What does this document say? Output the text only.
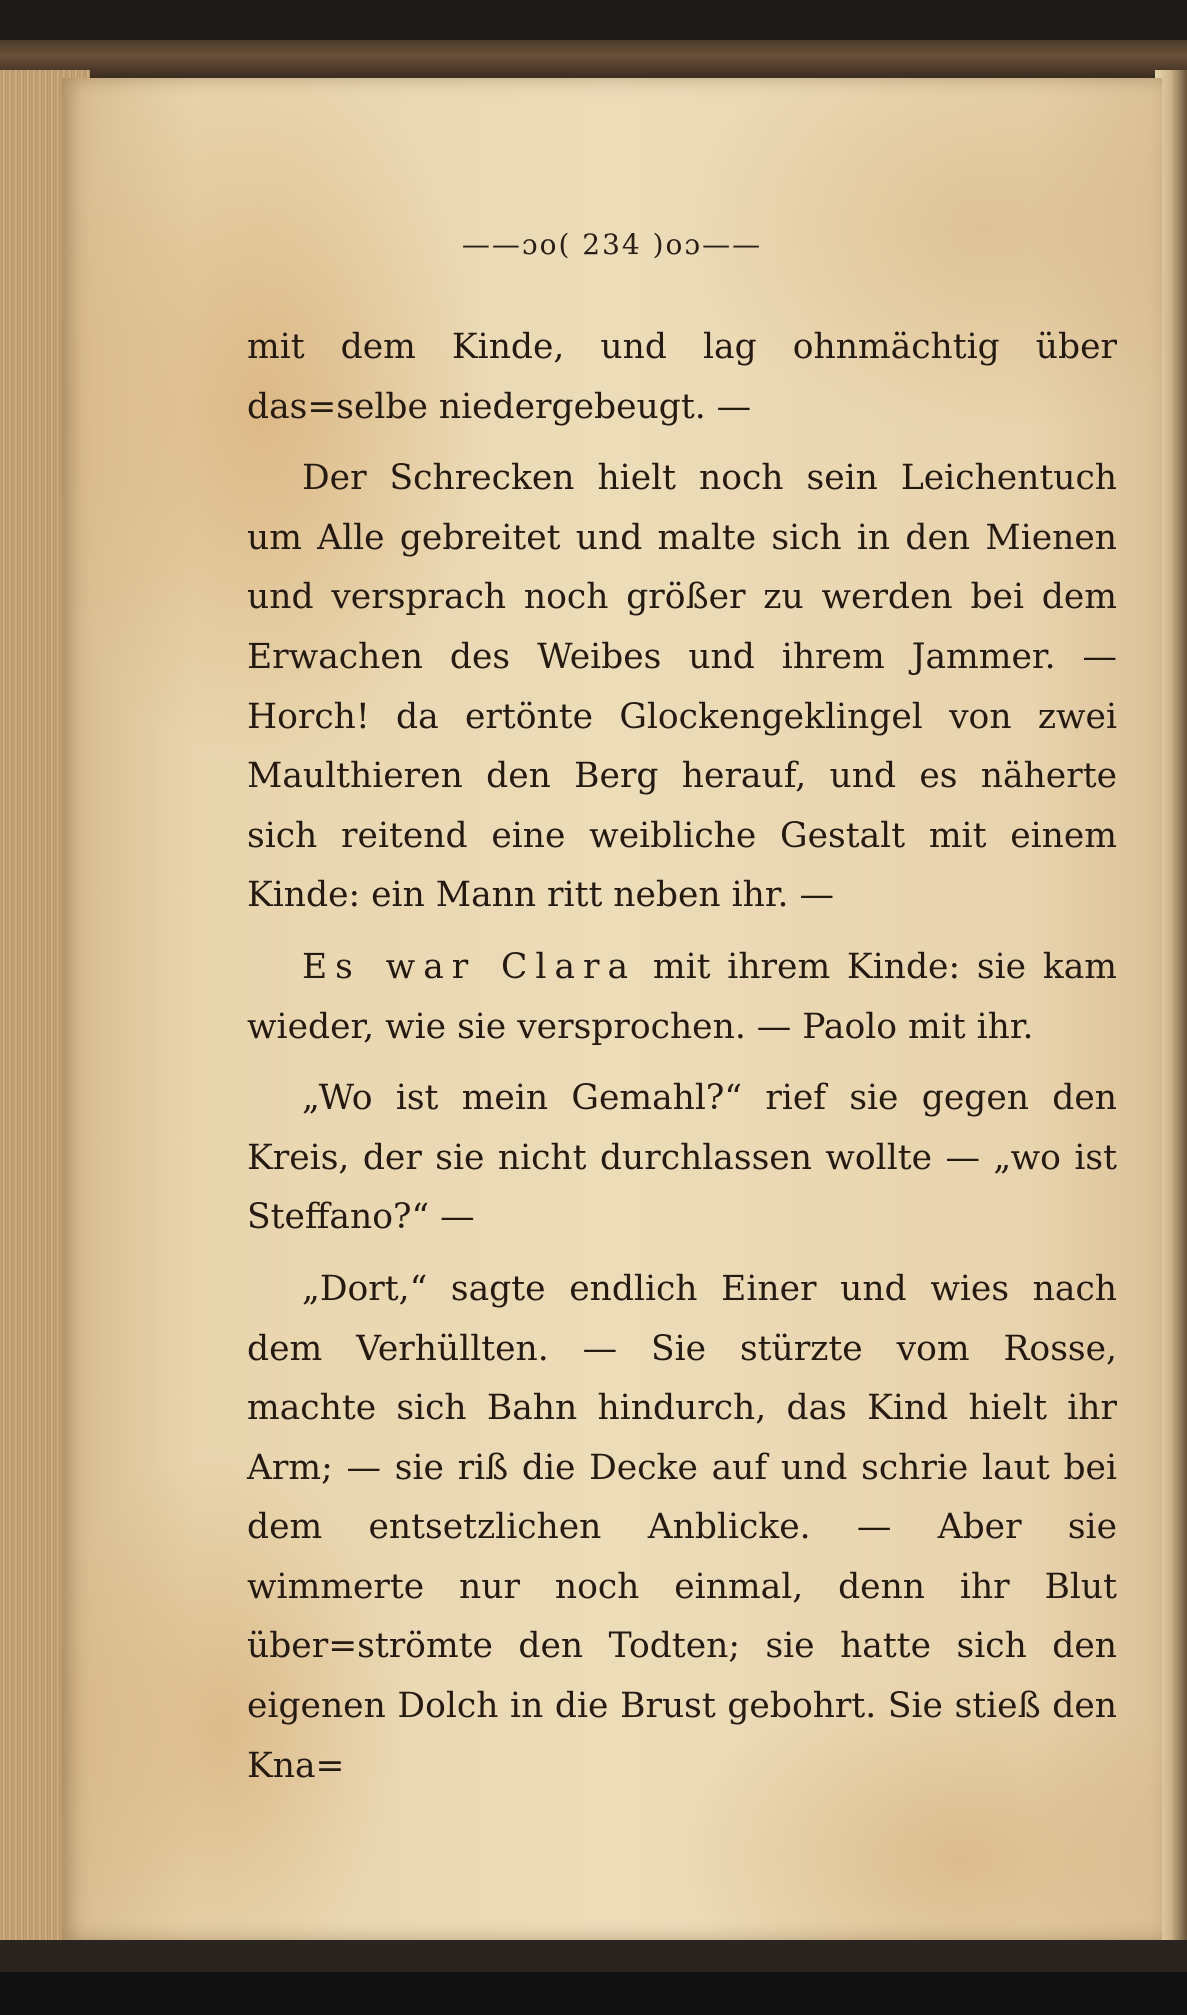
——ɔo( 234 )oɔ——

mit dem Kinde, und lag ohnmächtig über das=selbe niedergebeugt. —

Der Schrecken hielt noch sein Leichentuch um Alle gebreitet und malte sich in den Mienen und versprach noch größer zu werden bei dem Erwachen des Weibes und ihrem Jammer. — Horch! da ertönte Glockengeklingel von zwei Maulthieren den Berg herauf, und es näherte sich reitend eine weibliche Gestalt mit einem Kinde: ein Mann ritt neben ihr. —

Es war Clara mit ihrem Kinde: sie kam wieder, wie sie versprochen. — Paolo mit ihr.

„Wo ist mein Gemahl?“ rief sie gegen den Kreis, der sie nicht durchlassen wollte — „wo ist Steffano?“ —

„Dort,“ sagte endlich Einer und wies nach dem Verhüllten. — Sie stürzte vom Rosse, machte sich Bahn hindurch, das Kind hielt ihr Arm; — sie riß die Decke auf und schrie laut bei dem entsetzlichen Anblicke. — Aber sie wimmerte nur noch einmal, denn ihr Blut über=strömte den Todten; sie hatte sich den eigenen Dolch in die Brust gebohrt. Sie stieß den Kna=
